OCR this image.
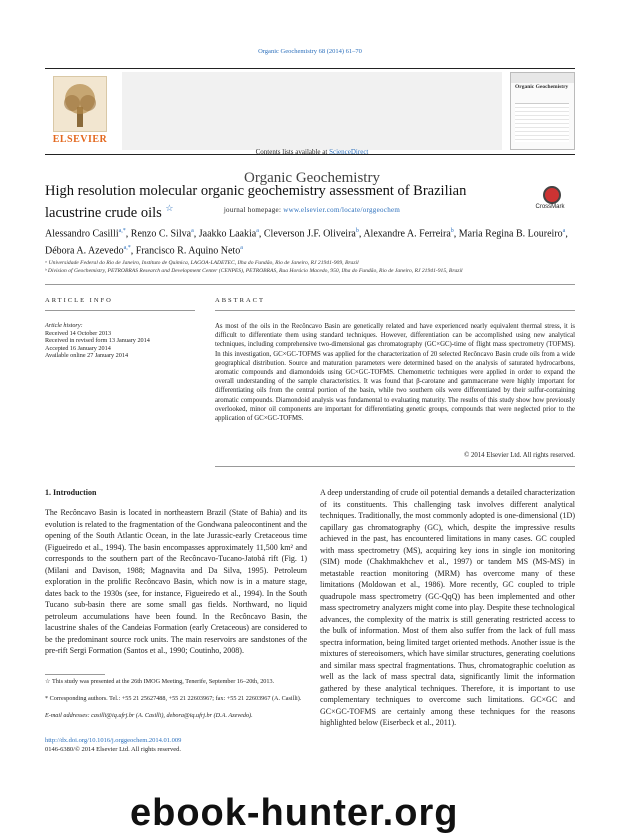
Organic Geochemistry 68 (2014) 61–70
ELSEVIER
Contents lists available at ScienceDirect
Organic Geochemistry
journal homepage: www.elsevier.com/locate/orggeochem
Organic Geochemistry
High resolution molecular organic geochemistry assessment of Brazilian lacustrine crude oils ☆	CrossMark
Alessandro Casilli$^{a,*}$, Renzo C. Silva$^a$, Jaakko Laakia$^a$, Cleverson J.F. Oliveira$^b$, Alexandre A. Ferreira$^b$, Maria Regina B. Loureiro$^a$, Débora A. Azevedo$^{a,*}$, Francisco R. Aquino Neto$^a$
ᵃ Universidade Federal do Rio de Janeiro, Instituto de Química, LAGOA-LADETEC, Ilha do Fundão, Rio de Janeiro, RJ 21941-909, Brazil
ᵇ Division of Geochemistry, PETROBRAS Research and Development Center (CENPES), PETROBRAS, Rua Horácio Macedo, 950, Ilha do Fundão, Rio de Janeiro, RJ 21941-915, Brazil
ARTICLE INFO	ABSTRACT
Article history:
Received 14 October 2013
Received in revised form 13 January 2014
Accepted 16 January 2014
Available online 27 January 2014
As most of the oils in the Recôncavo Basin are genetically related and have experienced nearly equivalent thermal stress, it is difficult to differentiate them using standard techniques. However, differentiation can be accomplished using new analytical techniques, including comprehensive two-dimensional gas chromatography (GC×GC)-time of flight mass spectrometry (TOFMS). In this investigation, GC×GC-TOFMS was applied for the characterization of 20 selected Recôncavo Basin crude oils from a wide geographical distribution. Source and maturation parameters were determined based on the analysis of saturated hydrocarbons, aromatic compounds and diamondoids using GC×GC-TOFMS. Chemometric techniques were applied in order to expand the overall understanding of the sample characteristics. It was found that β-carotane and gammacerane were highly important for differentiating oils from the central portion of the basin, while two southern oils were differentiated by their sulfur-containing aromatic compounds. Diamondoid analysis was fundamental to evaluating maturity. The results of this study show how previously overlooked, minor oil components are important for differentiating genetic groups, compounds that were neglected prior to the application of GC×GC-TOFMS.
© 2014 Elsevier Ltd. All rights reserved.
1. Introduction
The Recôncavo Basin is located in northeastern Brazil (State of Bahia) and its evolution is related to the fragmentation of the Gondwana paleocontinent and the opening of the South Atlantic Ocean, in the late Jurassic-early Cretaceous time (Figueiredo et al., 1994). The basin encompasses approximately 11,500 km² and corresponds to the southern part of the Recôncavo-Tucano-Jatobá rift (Fig. 1) (Milani and Davison, 1988; Magnavita and Da Silva, 1995). Petroleum exploration in the prolific Recôncavo Basin, which now is in a mature stage, dates back to the 1930s (see, for instance, Figueiredo et al., 1994). In the South Tucano sub-basin there are some small gas fields. Northward, no liquid petroleum accumulations have been found. In the Recôncavo Basin, the lacustrine shales of the Candeias Formation (early Cretaceous) are considered to be the predominant source rock units. The main reservoirs are sandstones of the pre-rift Sergi Formation (Santos et al., 1990; Coutinho, 2008).
A deep understanding of crude oil potential demands a detailed characterization of its constituents. This challenging task involves different analytical techniques. Traditionally, the most commonly adopted is one-dimensional (1D) capillary gas chromatography (GC), which, despite the impressive results achieved in the past, has encountered limitations in many cases. GC coupled with mass spectrometry (MS), acquiring key ions in single ion monitoring (SIM) mode (Chakhmakhchev et al., 1997) or tandem MS (MS-MS) in metastable reaction monitoring (MRM) has overcome many of these limitations (Moldowan et al., 1986). More recently, GC coupled to triple quadrupole mass spectrometry (GC-QqQ) has been implemented and other mass spectrometry analyzers might come into play. Despite these technological advances, the complexity of the matrix is still generating restricted access to the bulk of information. Most of them also suffer from the lack of full mass spectra information, being limited target oriented methods. Another issue is the mixtures of stereoisomers, which have similar structures, generating coelutions and similar mass spectral fragmentations. Thus, chromatographic coelution as well as the lack of mass spectral data, significantly limit the information gathered by these analytical techniques. Therefore, it is important to use complementary techniques to overcome such limitations. GC×GC and GC×GC-TOFMS are certainly among these techniques for the reasons highlighted below (Eiserbeck et al., 2011).
☆ This study was presented at the 26th IMOG Meeting, Tenerife, September 16–20th, 2013.
* Corresponding authors. Tel.: +55 21 25627488, +55 21 22603967; fax: +55 21 22603967 (A. Casilli).
E-mail addresses: casilli@iq.ufrj.br (A. Casilli), debora@iq.ufrj.br (D.A. Azevedo).
http://dx.doi.org/10.1016/j.orggeochem.2014.01.009
0146-6380/© 2014 Elsevier Ltd. All rights reserved.
ebook-hunter.org
